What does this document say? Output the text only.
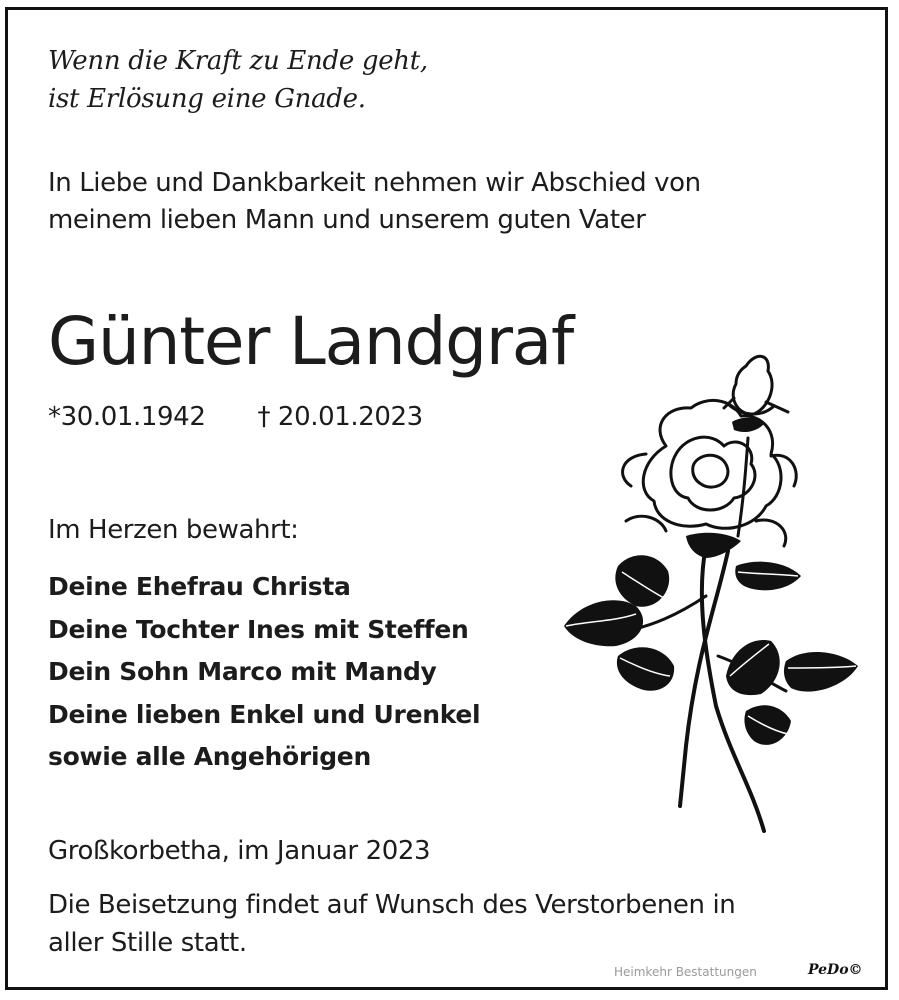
Wenn die Kraft zu Ende geht,
ist Erlösung eine Gnade.
In Liebe und Dankbarkeit nehmen wir Abschied von
meinem lieben Mann und unserem guten Vater
Günter Landgraf
*30.01.1942 † 20.01.2023
Im Herzen bewahrt:
Deine Ehefrau Christa
Deine Tochter Ines mit Steffen
Dein Sohn Marco mit Mandy
Deine lieben Enkel und Urenkel
sowie alle Angehörigen
Großkorbetha, im Januar 2023
Die Beisetzung findet auf Wunsch des Verstorbenen in
aller Stille statt.
Heimkehr Bestattungen	PeDo©
